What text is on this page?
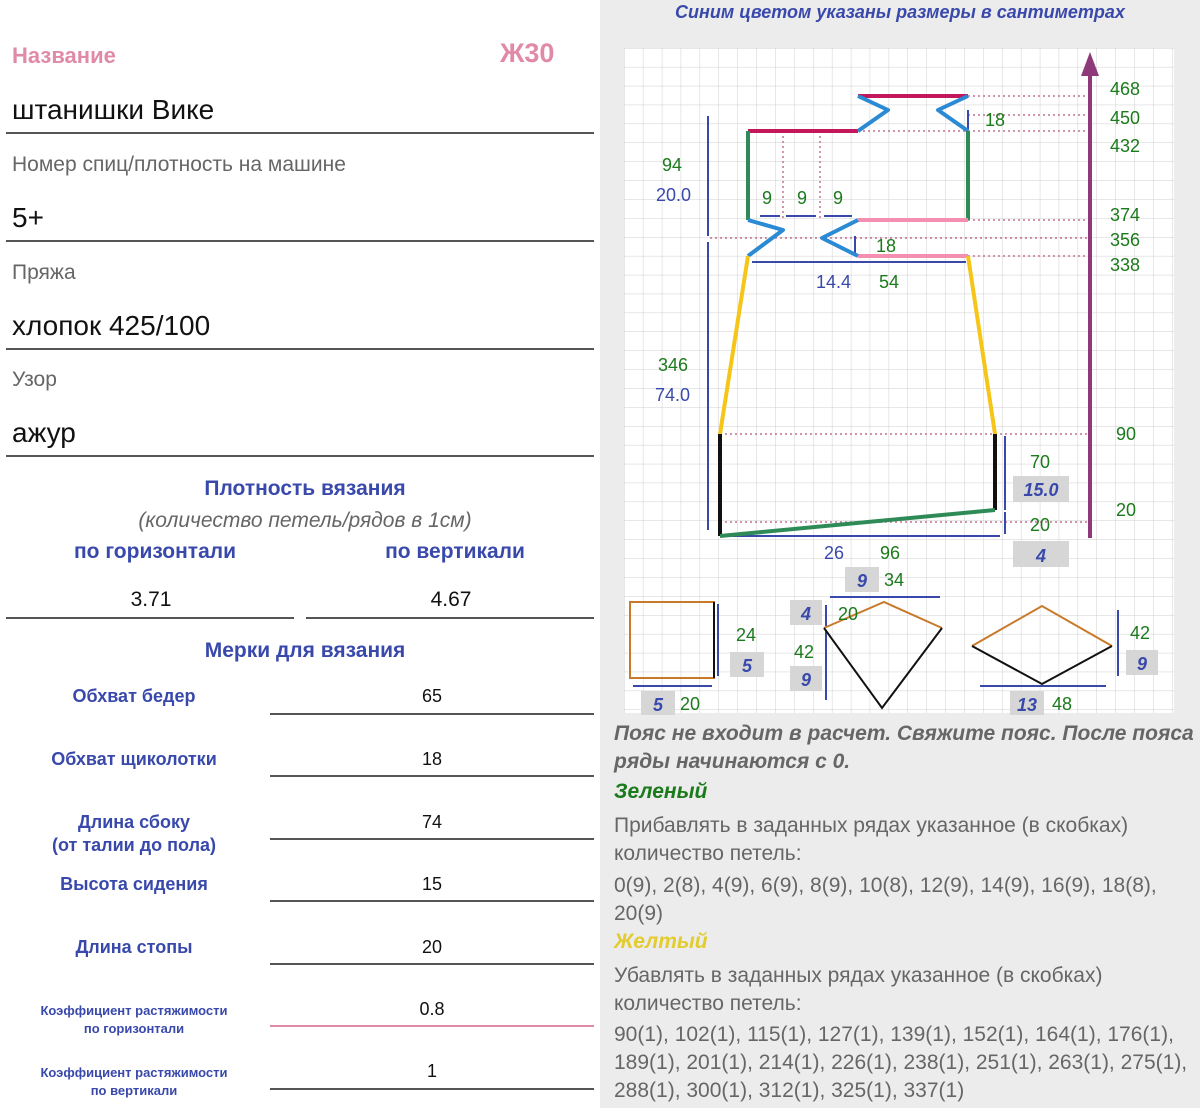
Название	Ж30
штанишки Вике
Номер спиц/плотность на машине
5+
Пряжа
хлопок 425/100
Узор
ажур
Плотность вязания
(количество петель/рядов в 1см)
по горизонтали	по вертикали
3.71	4.67
Мерки для вязания
Обхват бедер	65
Обхват щиколотки	18
Длина сбоку
(от талии до пола)
74
Высота сидения	15
Длина стопы	20
Коэффициент растяжимости
по горизонтали
0.8
Коэффициент растяжимости
по вертикали
1
Синим цветом указаны размеры в сантиметрах
468
450
432
374
356
338
90
20
18
94
9 9 9
18
54
346
70
20
96
34
20
24
42
20
42
48
20.0
14.4
74.0
26
15.0
4
9
4
5
9
5	13
9
Пояс не входит в расчет. Свяжите пояс. После пояса ряды начинаются с 0.
Зеленый
Прибавлять в заданных рядах указанное (в скобках) количество петель:
0(9), 2(8), 4(9), 6(9), 8(9), 10(8), 12(9), 14(9), 16(9), 18(8), 20(9)
Желтый
Убавлять в заданных рядах указанное (в скобках) количество петель:
90(1), 102(1), 115(1), 127(1), 139(1), 152(1), 164(1), 176(1), 189(1), 201(1), 214(1), 226(1), 238(1), 251(1), 263(1), 275(1), 288(1), 300(1), 312(1), 325(1), 337(1)
